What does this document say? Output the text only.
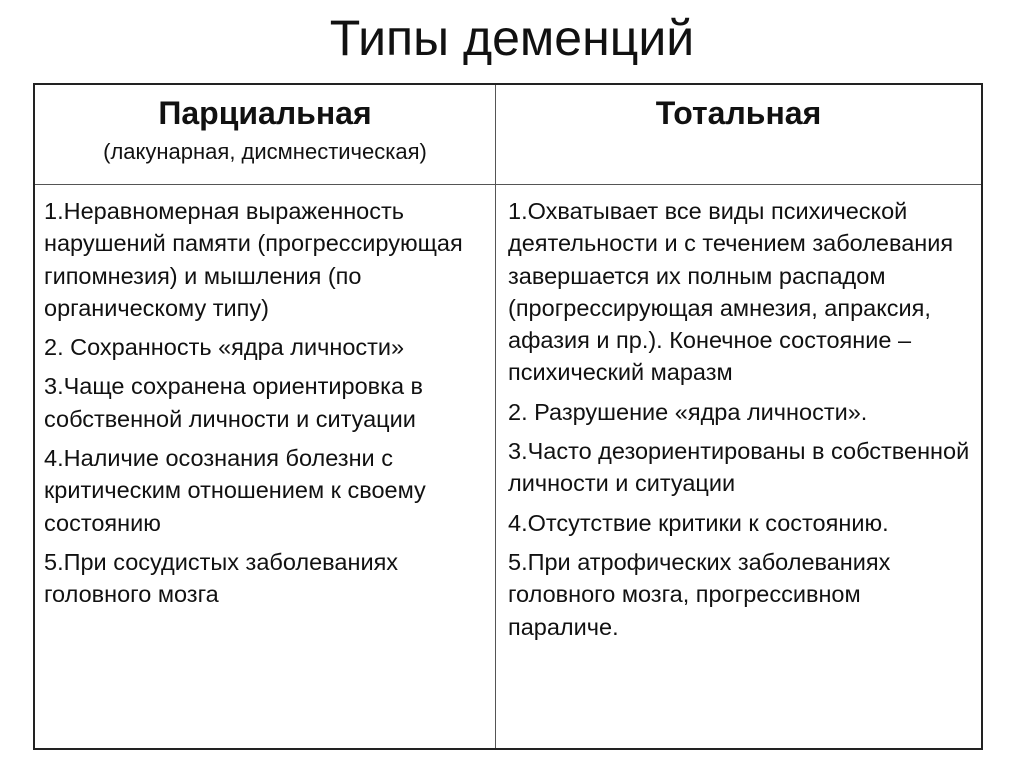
Типы деменций
Парциальная
(лакунарная, дисмнестическая)
Тотальная
1.Неравномерная выраженность нарушений памяти (прогрессирующая гипомнезия) и мышления (по органическому типу)
2. Сохранность «ядра личности»
3.Чаще сохранена ориентировка в собственной личности и ситуации
4.Наличие осознания болезни с критическим отношением к своему состоянию
5.При сосудистых заболеваниях головного мозга
1.Охватывает все виды психической деятельности и с течением заболевания завершается их полным распадом (прогрессирующая амнезия, апраксия, афазия и пр.). Конечное состояние – психический маразм
2. Разрушение «ядра личности».
3.Часто дезориентированы в собственной личности и ситуации
4.Отсутствие критики к состоянию.
5.При атрофических заболеваниях головного мозга, прогрессивном параличе.
